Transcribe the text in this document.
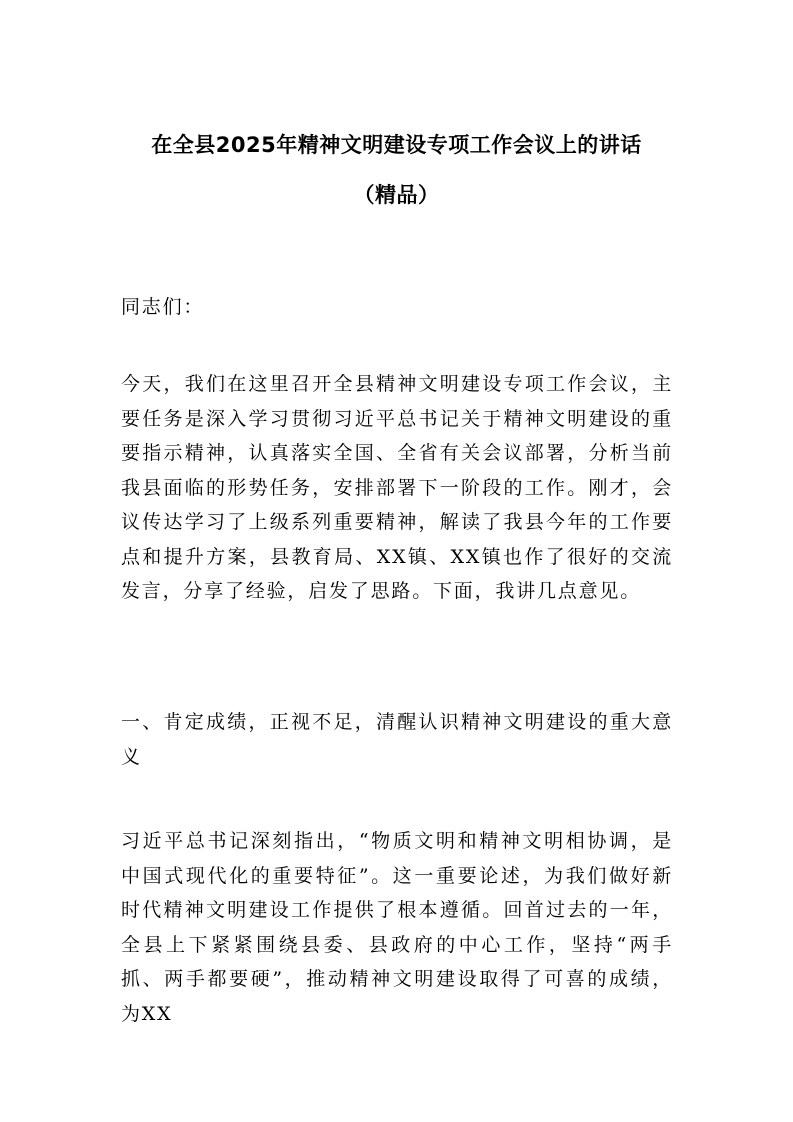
在全县2025年精神文明建设专项工作会议上的讲话
（精品）
同志们：
今天，我们在这里召开全县精神文明建设专项工作会议，主要任务是深入学习贯彻习近平总书记关于精神文明建设的重要指示精神，认真落实全国、全省有关会议部署，分析当前我县面临的形势任务，安排部署下一阶段的工作。刚才，会议传达学习了上级系列重要精神，解读了我县今年的工作要点和提升方案，县教育局、XX镇、XX镇也作了很好的交流发言，分享了经验，启发了思路。下面，我讲几点意见。
一、肯定成绩，正视不足，清醒认识精神文明建设的重大意义
习近平总书记深刻指出，“物质文明和精神文明相协调，是中国式现代化的重要特征”。这一重要论述，为我们做好新时代精神文明建设工作提供了根本遵循。回首过去的一年，全县上下紧紧围绕县委、县政府的中心工作，坚持“两手抓、两手都要硬”，推动精神文明建设取得了可喜的成绩，为XX
